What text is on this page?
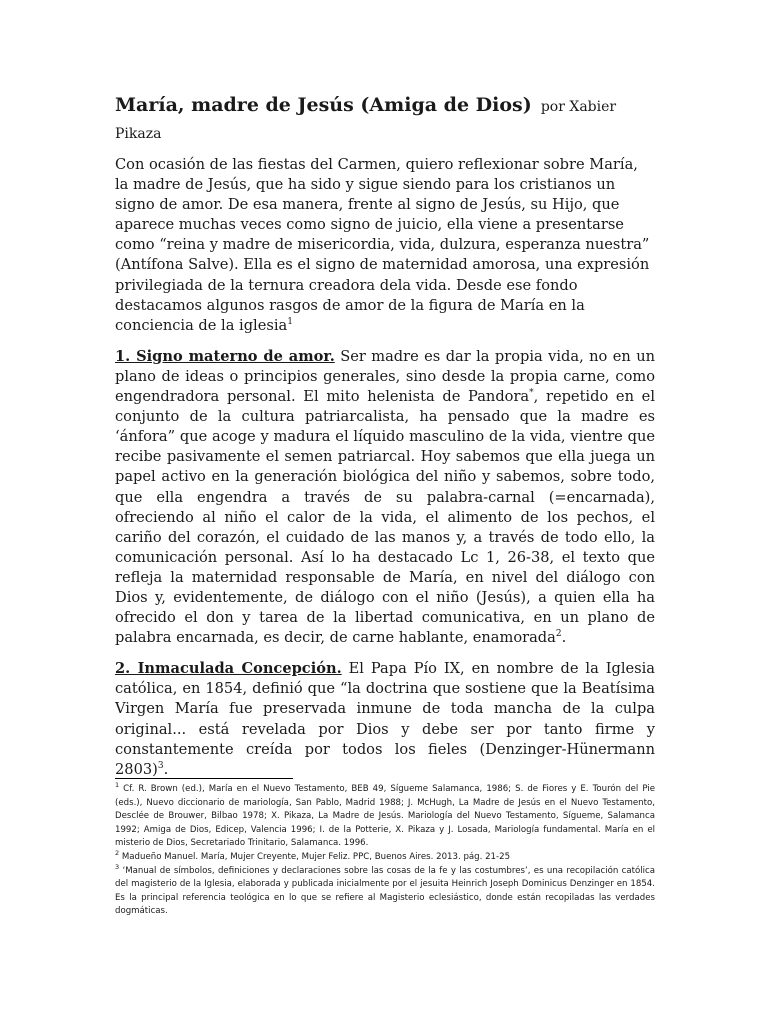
María, madre de Jesús (Amiga de Dios) por Xabier Pikaza

Con ocasión de las fiestas del Carmen, quiero reflexionar sobre María, la madre de Jesús, que ha sido y sigue siendo para los cristianos un signo de amor. De esa manera, frente al signo de Jesús, su Hijo, que aparece muchas veces como signo de juicio, ella viene a presentarse como “reina y madre de misericordia, vida, dulzura, esperanza nuestra” (Antífona Salve). Ella es el signo de maternidad amorosa, una expresión privilegiada de la ternura creadora dela vida. Desde ese fondo destacamos algunos rasgos de amor de la figura de María en la conciencia de la iglesia$^1$

1. Signo materno de amor. Ser madre es dar la propia vida, no en un plano de ideas o principios generales, sino desde la propia carne, como engendradora personal. El mito helenista de Pandora*, repetido en el conjunto de la cultura patriarcalista, ha pensado que la madre es ‘ánfora” que acoge y madura el líquido masculino de la vida, vientre que recibe pasivamente el semen patriarcal. Hoy sabemos que ella juega un papel activo en la generación biológica del niño y sabemos, sobre todo, que ella engendra a través de su palabra-carnal (=encarnada), ofreciendo al niño el calor de la vida, el alimento de los pechos, el cariño del corazón, el cuidado de las manos y, a través de todo ello, la comunicación personal. Así lo ha destacado Lc 1, 26-38, el texto que refleja la maternidad responsable de María, en nivel del diálogo con Dios y, evidentemente, de diálogo con el niño (Jesús), a quien ella ha ofrecido el don y tarea de la libertad comunicativa, en un plano de palabra encarnada, es decir, de carne hablante, enamorada$^2$.

2. Inmaculada Concepción. El Papa Pío IX, en nombre de la Iglesia católica, en 1854, definió que “la doctrina que sostiene que la Beatísima Virgen María fue preservada inmune de toda mancha de la culpa original... está revelada por Dios y debe ser por tanto firme y constantemente creída por todos los fieles (Denzinger-Hünermann 2803)$^3$.

$^1$ Cf. R. Brown (ed.), María en el Nuevo Testamento, BEB 49, Sígueme Salamanca, 1986; S. de Fiores y E. Tourón del Pie (eds.), Nuevo diccionario de mariología, San Pablo, Madrid 1988; J. McHugh, La Madre de Jesús en el Nuevo Testamento, Desclée de Brouwer, Bilbao 1978; X. Pikaza, La Madre de Jesús. Mariología del Nuevo Testamento, Sígueme, Salamanca 1992; Amiga de Dios, Edicep, Valencia 1996; I. de la Potterie, X. Pikaza y J. Losada, Mariología fundamental. María en el misterio de Dios, Secretariado Trinitario, Salamanca. 1996.
$^2$ Madueño Manuel. María, Mujer Creyente, Mujer Feliz. PPC, Buenos Aires. 2013. pág. 21-25
$^3$ ‘Manual de símbolos, definiciones y declaraciones sobre las cosas de la fe y las costumbres’, es una recopilación católica del magisterio de la Iglesia, elaborada y publicada inicialmente por el jesuita Heinrich Joseph Dominicus Denzinger en 1854. Es la principal referencia teológica en lo que se refiere al Magisterio eclesiástico, donde están recopiladas las verdades dogmáticas.
